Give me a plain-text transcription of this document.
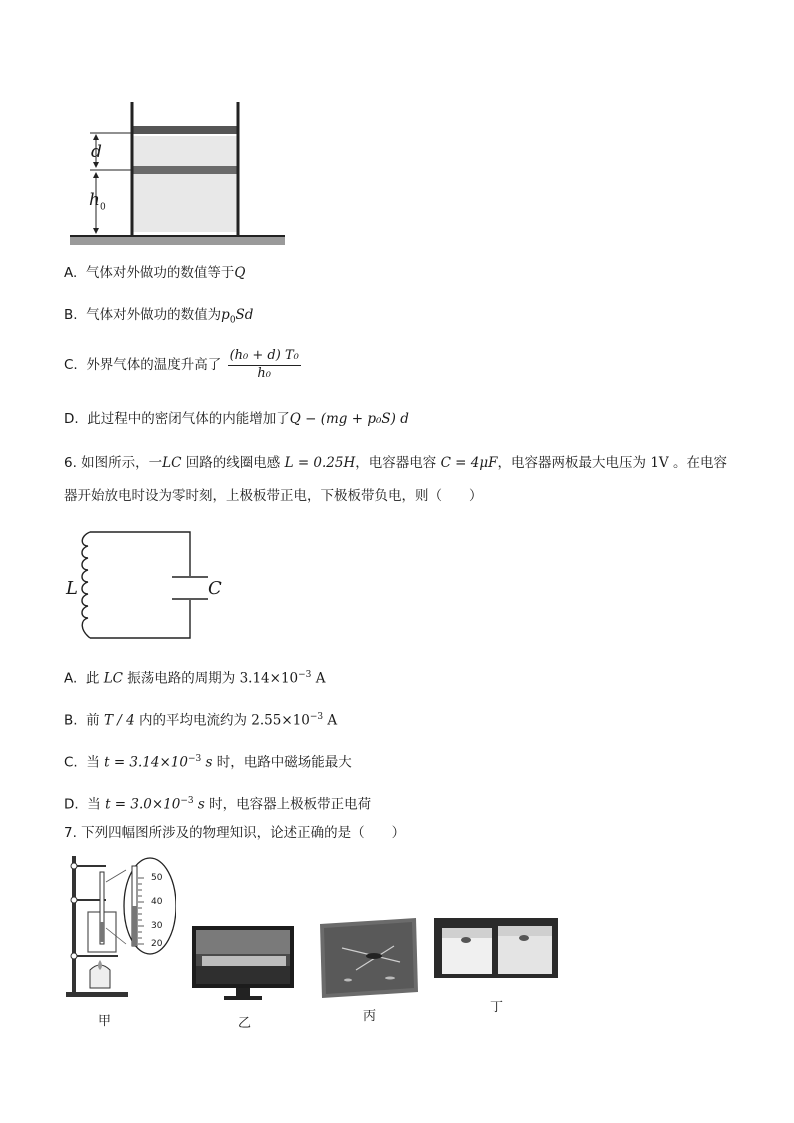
d
$h_0$
A. 气体对外做功的数值等于Q
B. 气体对外做功的数值为$p_0Sd$
C. 外界气体的温度升高了 $\frac{\text{(h₀ + d) T₀}}{\text{h₀}}$
D. 此过程中的密闭气体的内能增加了Q − (mg + p₀S) d
6. 如图所示，一LC 回路的线圈电感 L = 0.25H，电容器电容 C = 4μF，电容器两板最大电压为 1V 。在电容
器开始放电时设为零时刻，上极板带正电，下极板带负电，则（　　）
L	C
A. 此 LC 振荡电路的周期为 $3.14\times 10^{-3}$ A
B. 前 T / 4 内的平均电流约为 $2.55\times 10^{-3}$ A
C. 当 $t = 3.14\times 10^{-3}$ s 时，电路中磁场能最大
D. 当 $t = 3.0\times 10^{-3}$ s 时，电容器上极板带正电荷
7. 下列四幅图所涉及的物理知识，论述正确的是（　　）
50
40
30
20
甲	乙	丙
丁
